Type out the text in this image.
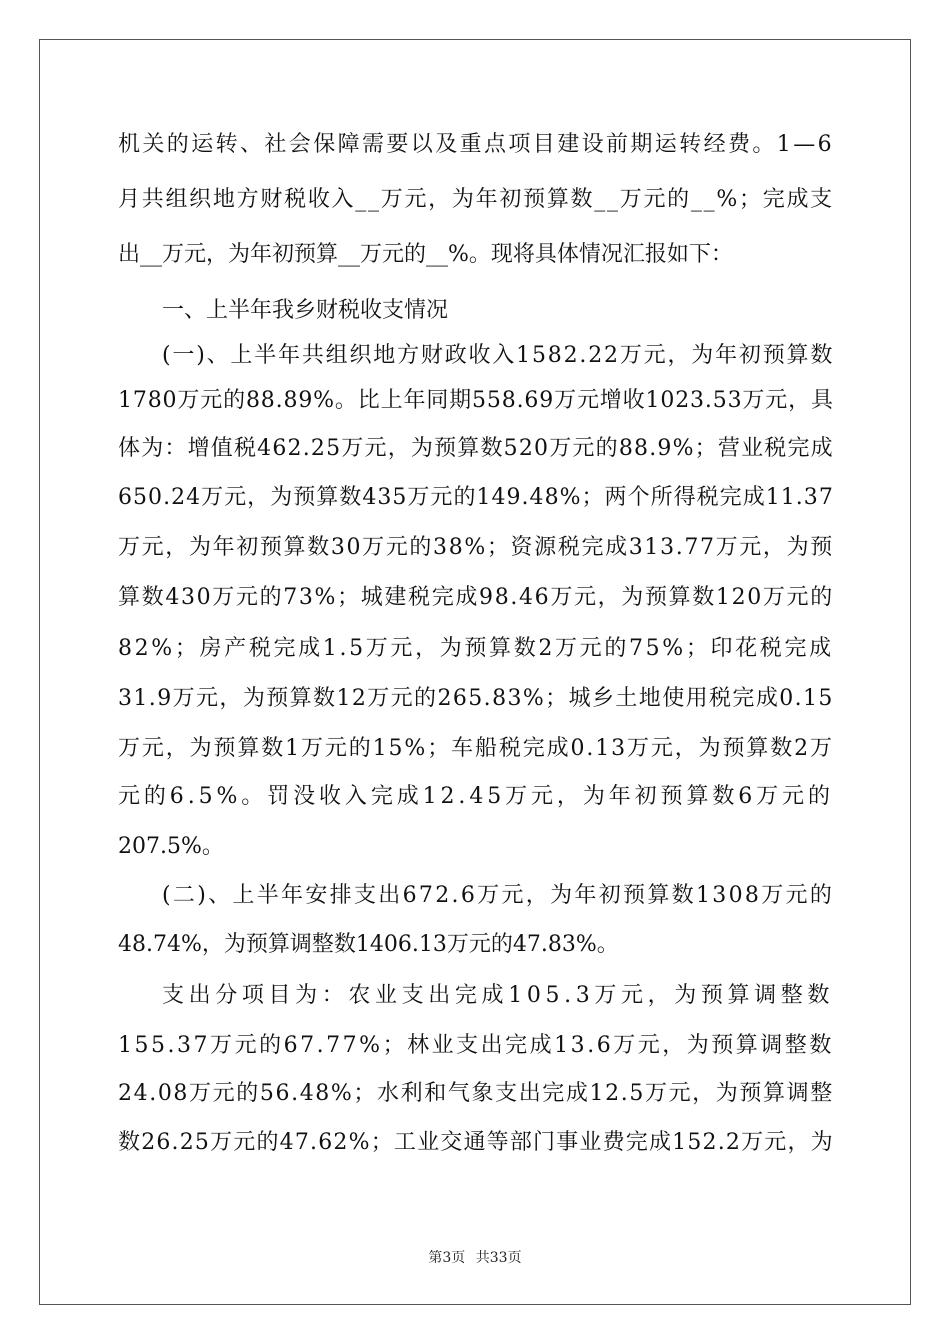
机关的运转、社会保障需要以及重点项目建设前期运转经费。1—6
月共组织地方财税收入__万元，为年初预算数__万元的__%；完成支
出__万元，为年初预算__万元的__%。现将具体情况汇报如下：
一、上半年我乡财税收支情况
(一)、上半年共组织地方财政收入1582.22万元，为年初预算数
1780万元的88.89%。比上年同期558.69万元增收1023.53万元，具
体为：增值税462.25万元，为预算数520万元的88.9%；营业税完成
650.24万元，为预算数435万元的149.48%；两个所得税完成11.37
万元，为年初预算数30万元的38%；资源税完成313.77万元，为预
算数430万元的73%；城建税完成98.46万元，为预算数120万元的
82%；房产税完成1.5万元，为预算数2万元的75%；印花税完成
31.9万元，为预算数12万元的265.83%；城乡土地使用税完成0.15
万元，为预算数1万元的15%；车船税完成0.13万元，为预算数2万
元的6.5%。罚没收入完成12.45万元，为年初预算数6万元的
207.5%。
(二)、上半年安排支出672.6万元，为年初预算数1308万元的
48.74%，为预算调整数1406.13万元的47.83%。
支出分项目为：农业支出完成105.3万元，为预算调整数
155.37万元的67.77%；林业支出完成13.6万元，为预算调整数
24.08万元的56.48%；水利和气象支出完成12.5万元，为预算调整
数26.25万元的47.62%；工业交通等部门事业费完成152.2万元，为
第3页 共33页
